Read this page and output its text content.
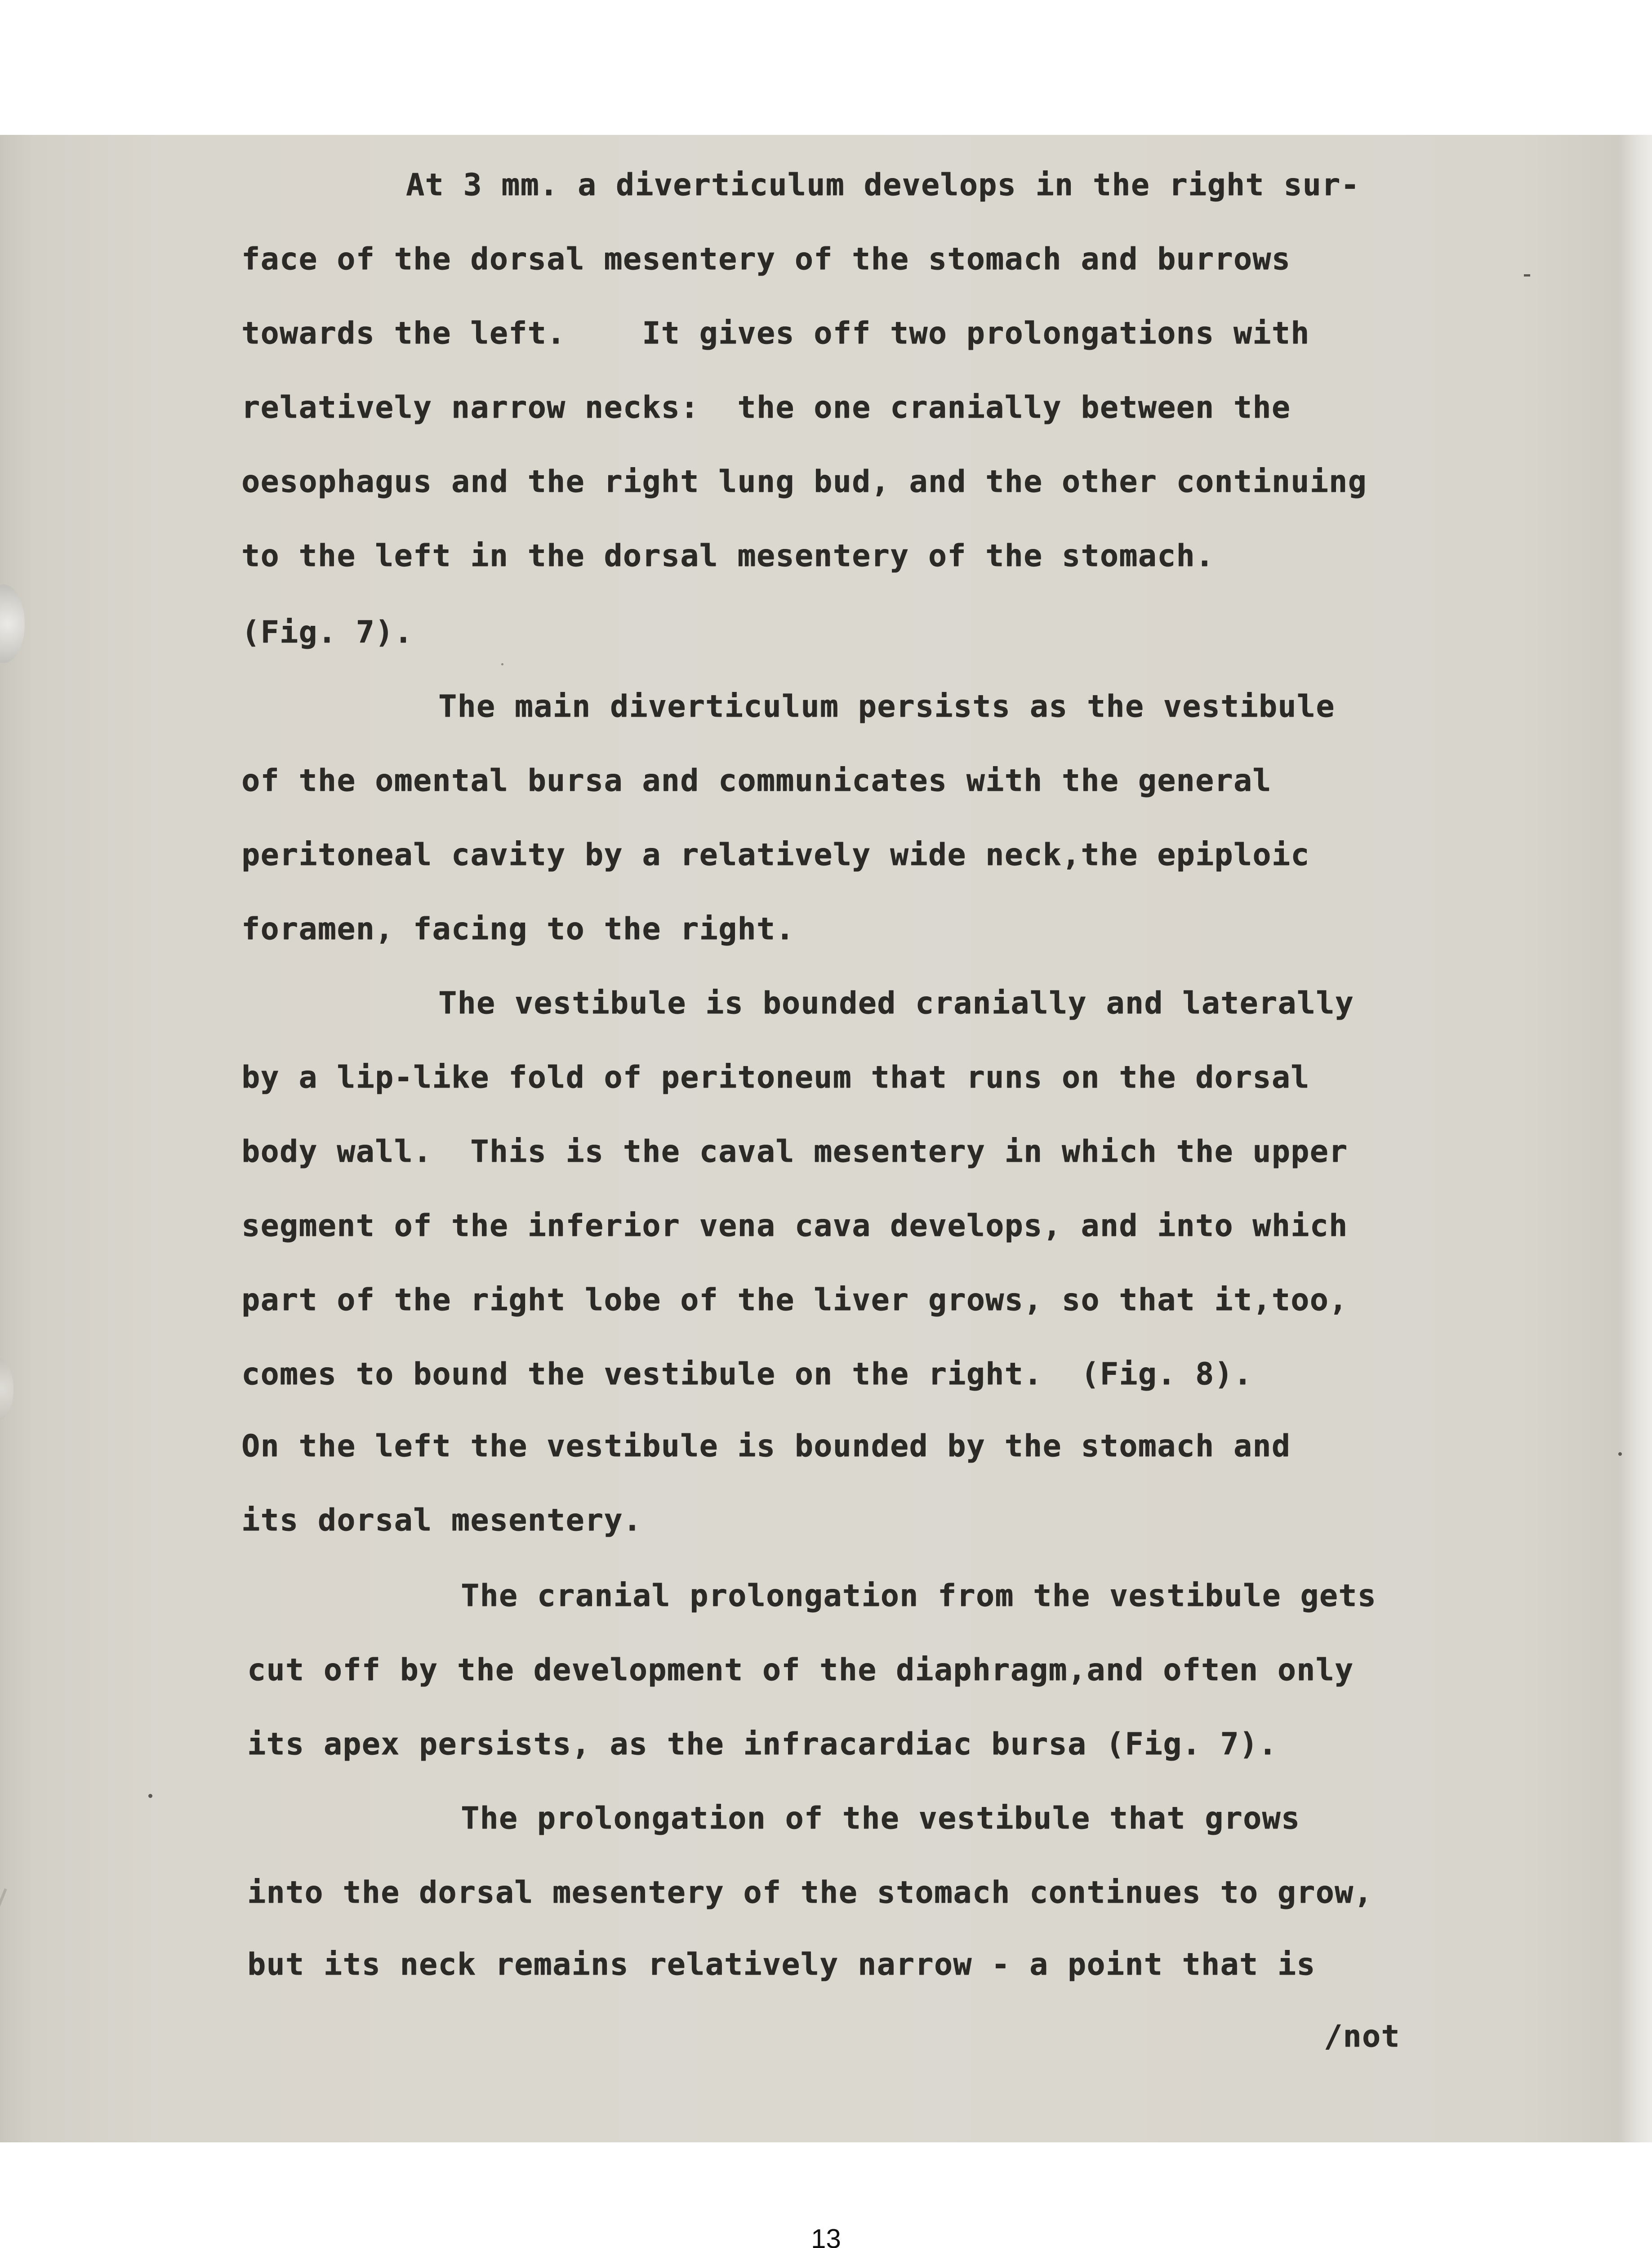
At 3 mm. a diverticulum develops in the right sur-
face of the dorsal mesentery of the stomach and burrows
towards the left.    It gives off two prolongations with
relatively narrow necks:  the one cranially between the
oesophagus and the right lung bud, and the other continuing
to the left in the dorsal mesentery of the stomach.
(Fig. 7).
The main diverticulum persists as the vestibule
of the omental bursa and communicates with the general
peritoneal cavity by a relatively wide neck,the epiploic
foramen, facing to the right.
The vestibule is bounded cranially and laterally
by a lip-like fold of peritoneum that runs on the dorsal
body wall.  This is the caval mesentery in which the upper
segment of the inferior vena cava develops, and into which
part of the right lobe of the liver grows, so that it,too,
comes to bound the vestibule on the right.  (Fig. 8).
On the left the vestibule is bounded by the stomach and
its dorsal mesentery.
The cranial prolongation from the vestibule gets
cut off by the development of the diaphragm,and often only
its apex persists, as the infracardiac bursa (Fig. 7).
The prolongation of the vestibule that grows
into the dorsal mesentery of the stomach continues to grow,
but its neck remains relatively narrow - a point that is
/not
13
